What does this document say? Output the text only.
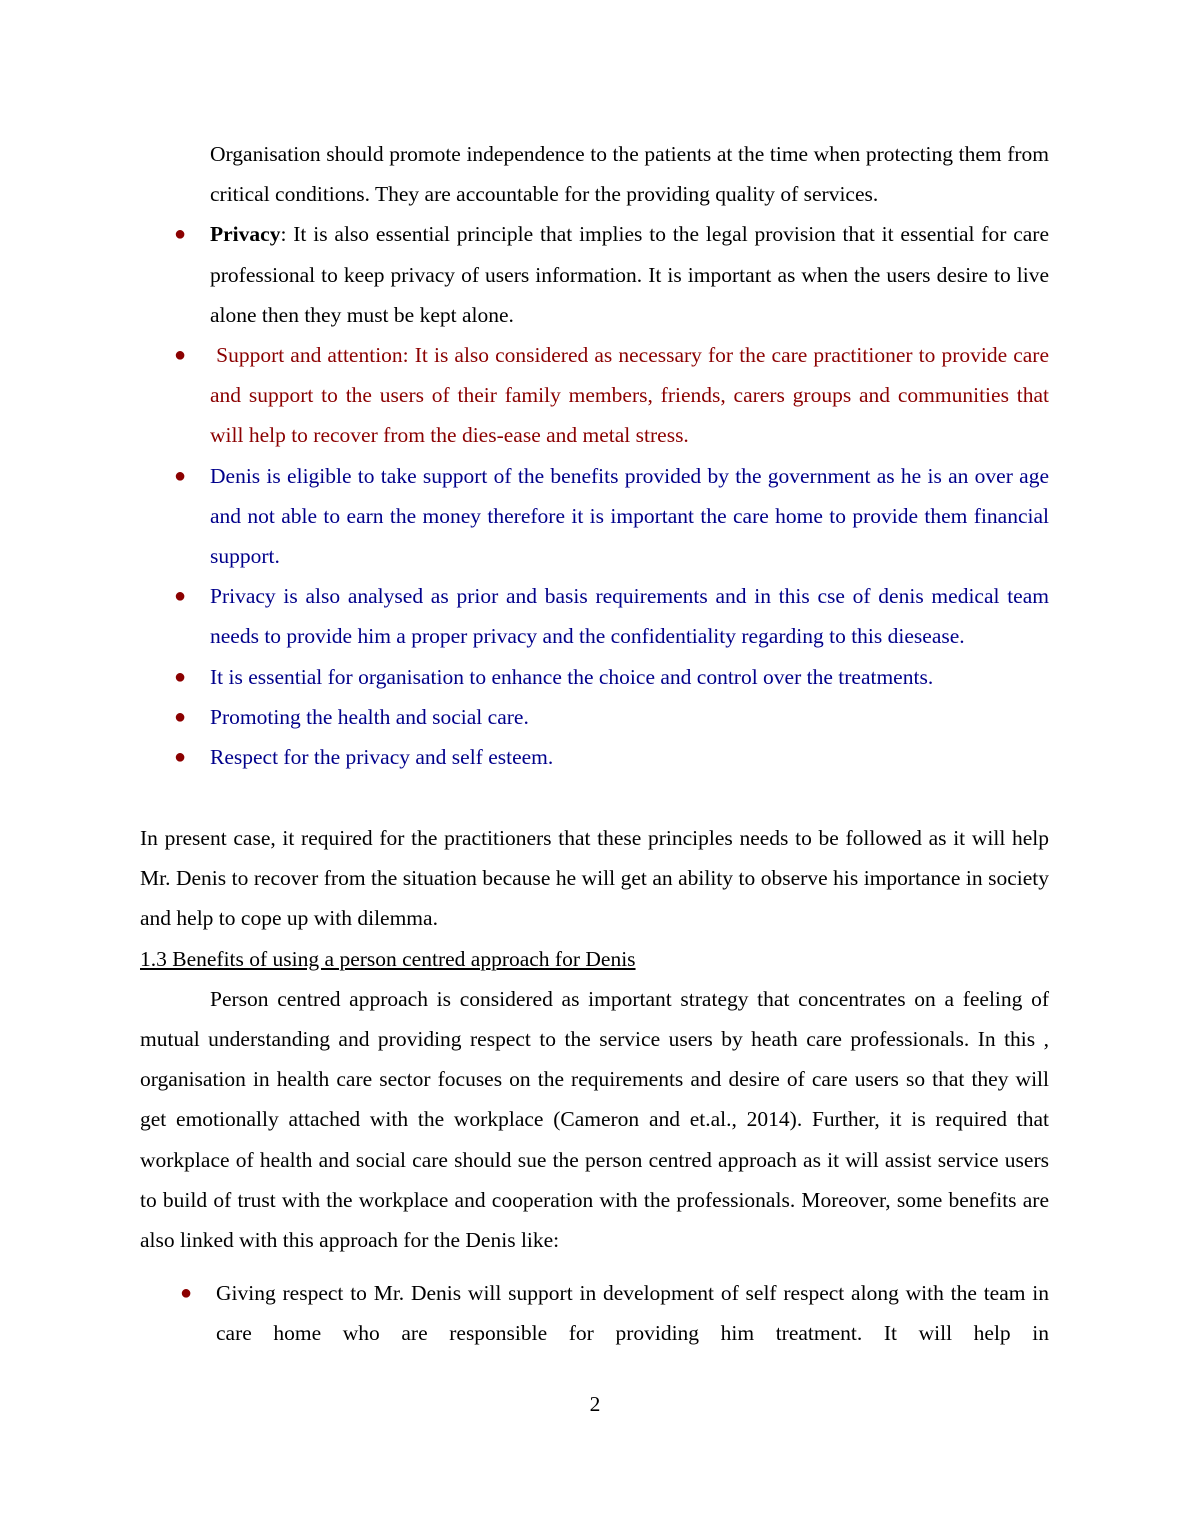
Organisation should promote independence to the patients at the time when protecting them from critical conditions. They are accountable for the providing quality of services.

● Privacy: It is also essential principle that implies to the legal provision that it essential for care professional to keep privacy of users information. It is important as when the users desire to live alone then they must be kept alone.

● Support and attention: It is also considered as necessary for the care practitioner to provide care and support to the users of their family members, friends, carers groups and communities that will help to recover from the dies-ease and metal stress.

● Denis is eligible to take support of the benefits provided by the government as he is an over age and not able to earn the money therefore it is important the care home to provide them financial support.

● Privacy is also analysed as prior and basis requirements and in this cse of denis medical team needs to provide him a proper privacy and the confidentiality regarding to this diesease.

● It is essential for organisation to enhance the choice and control over the treatments.

● Promoting the health and social care.

● Respect for the privacy and self esteem.

In present case, it required for the practitioners that these principles needs to be followed as it will help Mr. Denis to recover from the situation because he will get an ability to observe his importance in society and help to cope up with dilemma.

1.3 Benefits of using a person centred approach for Denis

Person centred approach is considered as important strategy that concentrates on a feeling of mutual understanding and providing respect to the service users by heath care professionals. In this , organisation in health care sector focuses on the requirements and desire of care users so that they will get emotionally attached with the workplace (Cameron and et.al., 2014). Further, it is required that workplace of health and social care should sue the person centred approach as it will assist service users to build of trust with the workplace and cooperation with the professionals. Moreover, some benefits are also linked with this approach for the Denis like:

● Giving respect to Mr. Denis will support in development of self respect along with the team in care home who are responsible for providing him treatment. It will help in

2
